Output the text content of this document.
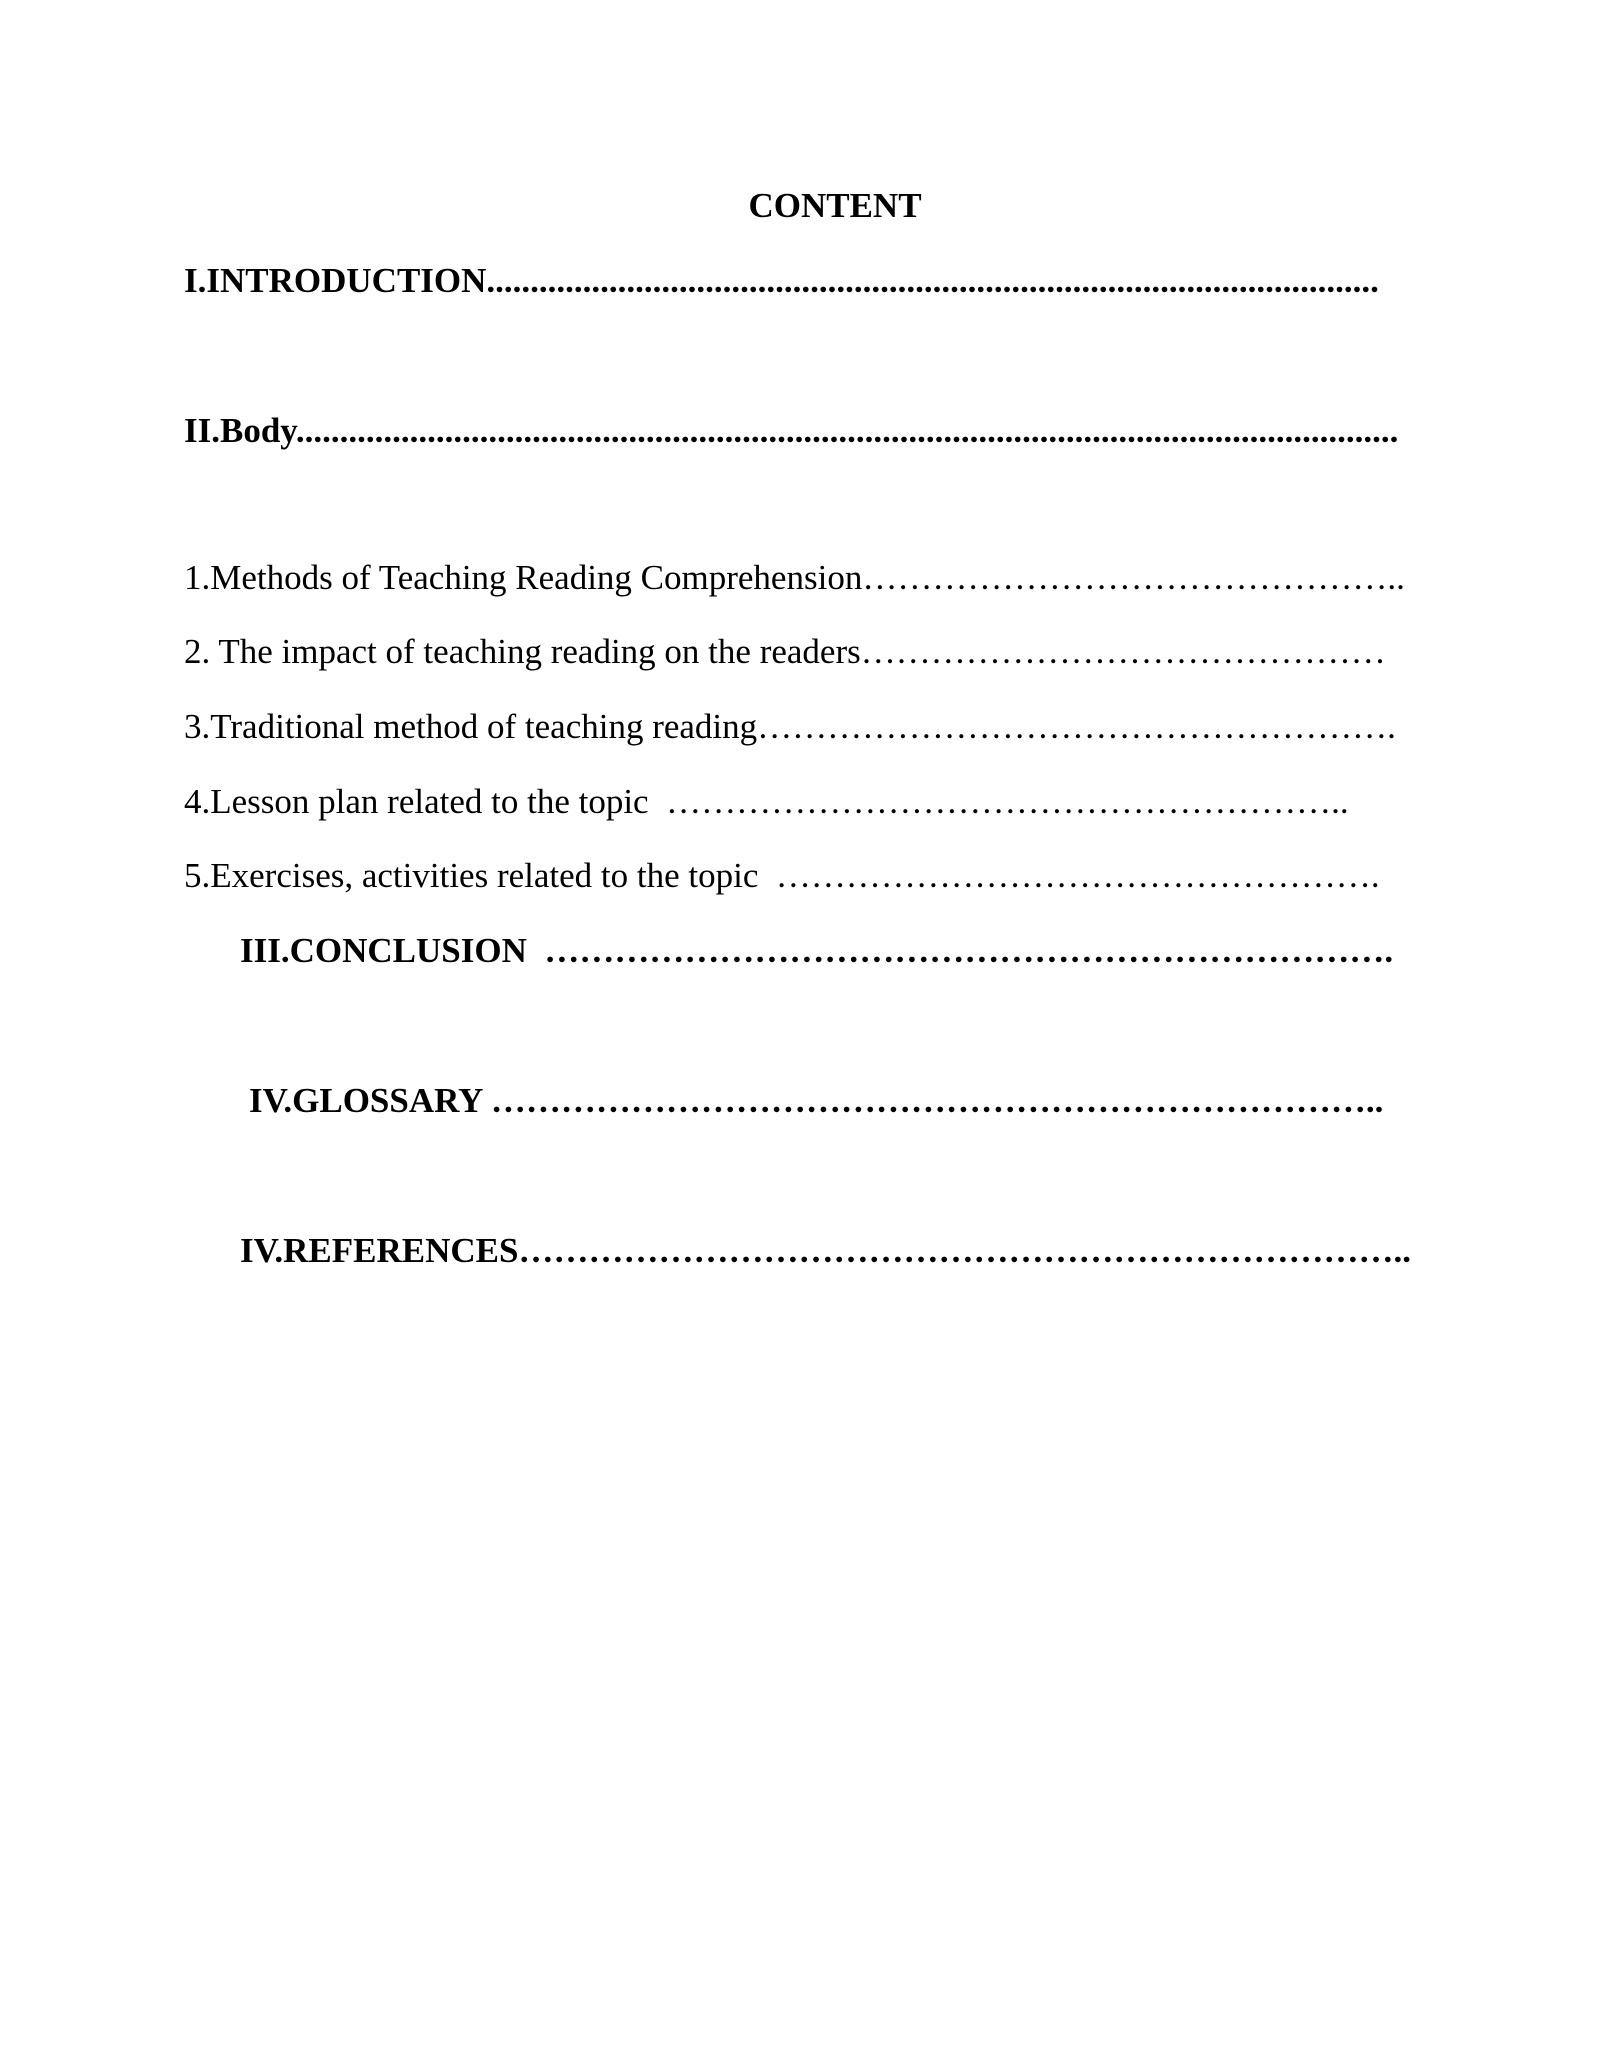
CONTENT
I.INTRODUCTION......................................................................................................
II.Body..............................................................................................................................
1.Methods of Teaching Reading Comprehension………………………………………..
2. The impact of teaching reading on the readers………………………………………
3.Traditional method of teaching reading……………………………………………….
4.Lesson plan related to the topic  …………………………………………………..
5.Exercises, activities related to the topic  …………………………………………….
III.CONCLUSION  ……………………………………………………………….
IV.GLOSSARY …………………………………………………………………..
IV.REFERENCES…………………………………………………………………..
